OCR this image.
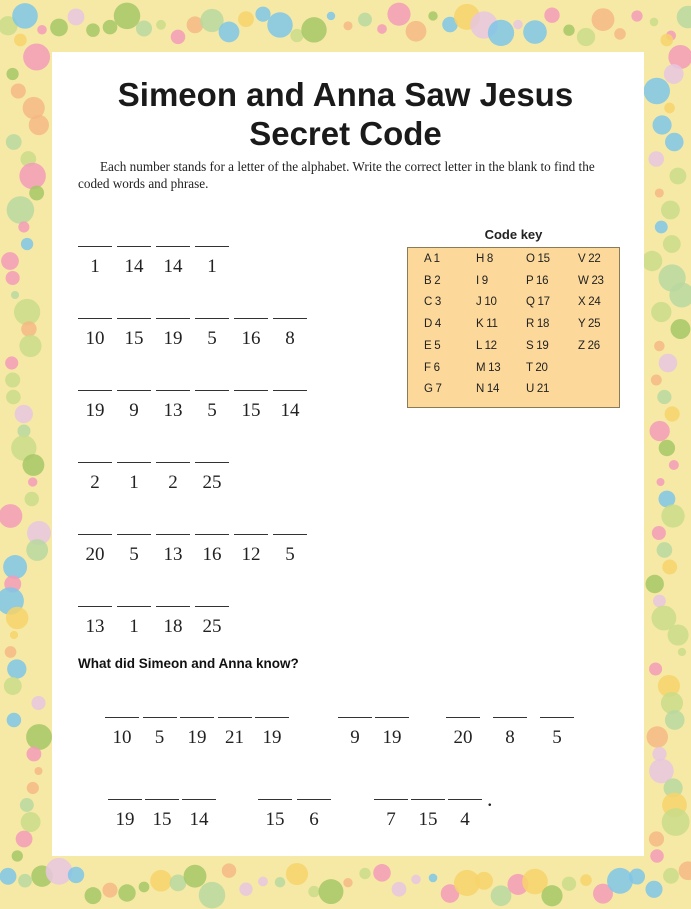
Simeon and Anna Saw Jesus
Secret Code
Each number stands for a letter of the alphabet. Write the correct letter in the blank to find the coded words and phrase.
1	14	14	1
10	15	19	5	16	8
19	9	13	5	15	14
2	1	2	25
20	5	13	16	12	5
13	1	18	25
Code key
A 1
B 2
C 3
D 4
E 5
F 6
G 7
H 8
I 9
J 10
K 11
L 12
M 13
N 14
O 15
P 16
Q 17
R 18
S 19
T 20
U 21
V 22
W 23
X 24
Y 25
Z 26
What did Simeon and Anna know?
10	5	19 21 19	9	19	20	8	5
19 15 14	15	6	7	15	4
.
